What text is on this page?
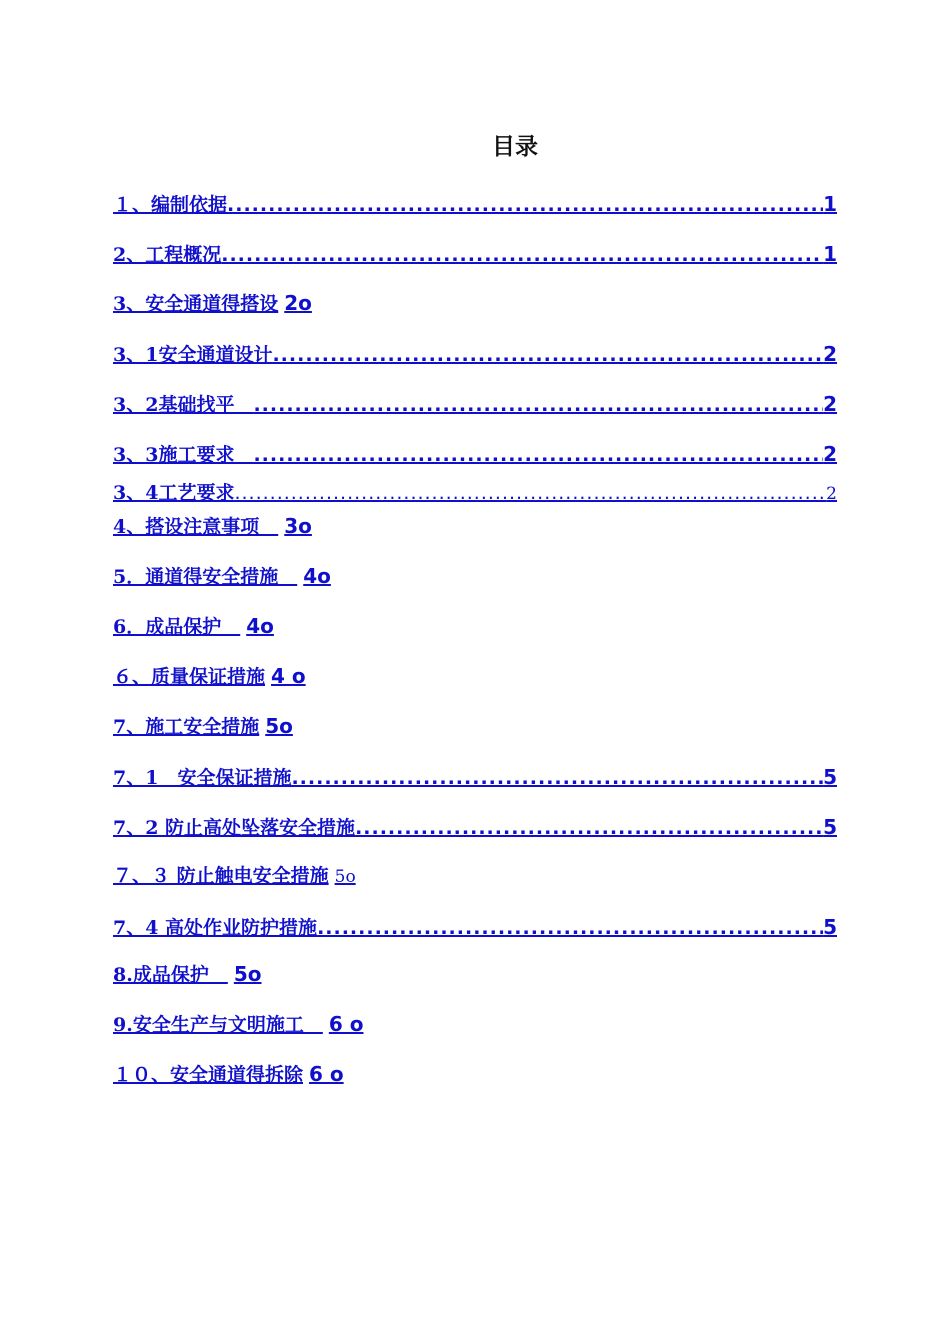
目录
１、编制依据 .....	1
2、工程概况 .....	1
3、安全通道得搭设 2o
3、1安全通道设计 .....	2
3、2基础找平　 .....	2
3、3施工要求　 .....	2
3、4工艺要求 .....	2
4、搭设注意事项　 3o
5．通道得安全措施　 4o
6．成品保护　 4o
６、质量保证措施 4 o
7、施工安全措施 5o
7、1　安全保证措施 .....	5
7、2 防止高处坠落安全措施 .....	5
７、３ 防止触电安全措施 5o
7、4 高处作业防护措施 .....	5
8.成品保护　 5o
9.安全生产与文明施工　 6 o
１０、安全通道得拆除 6 o
